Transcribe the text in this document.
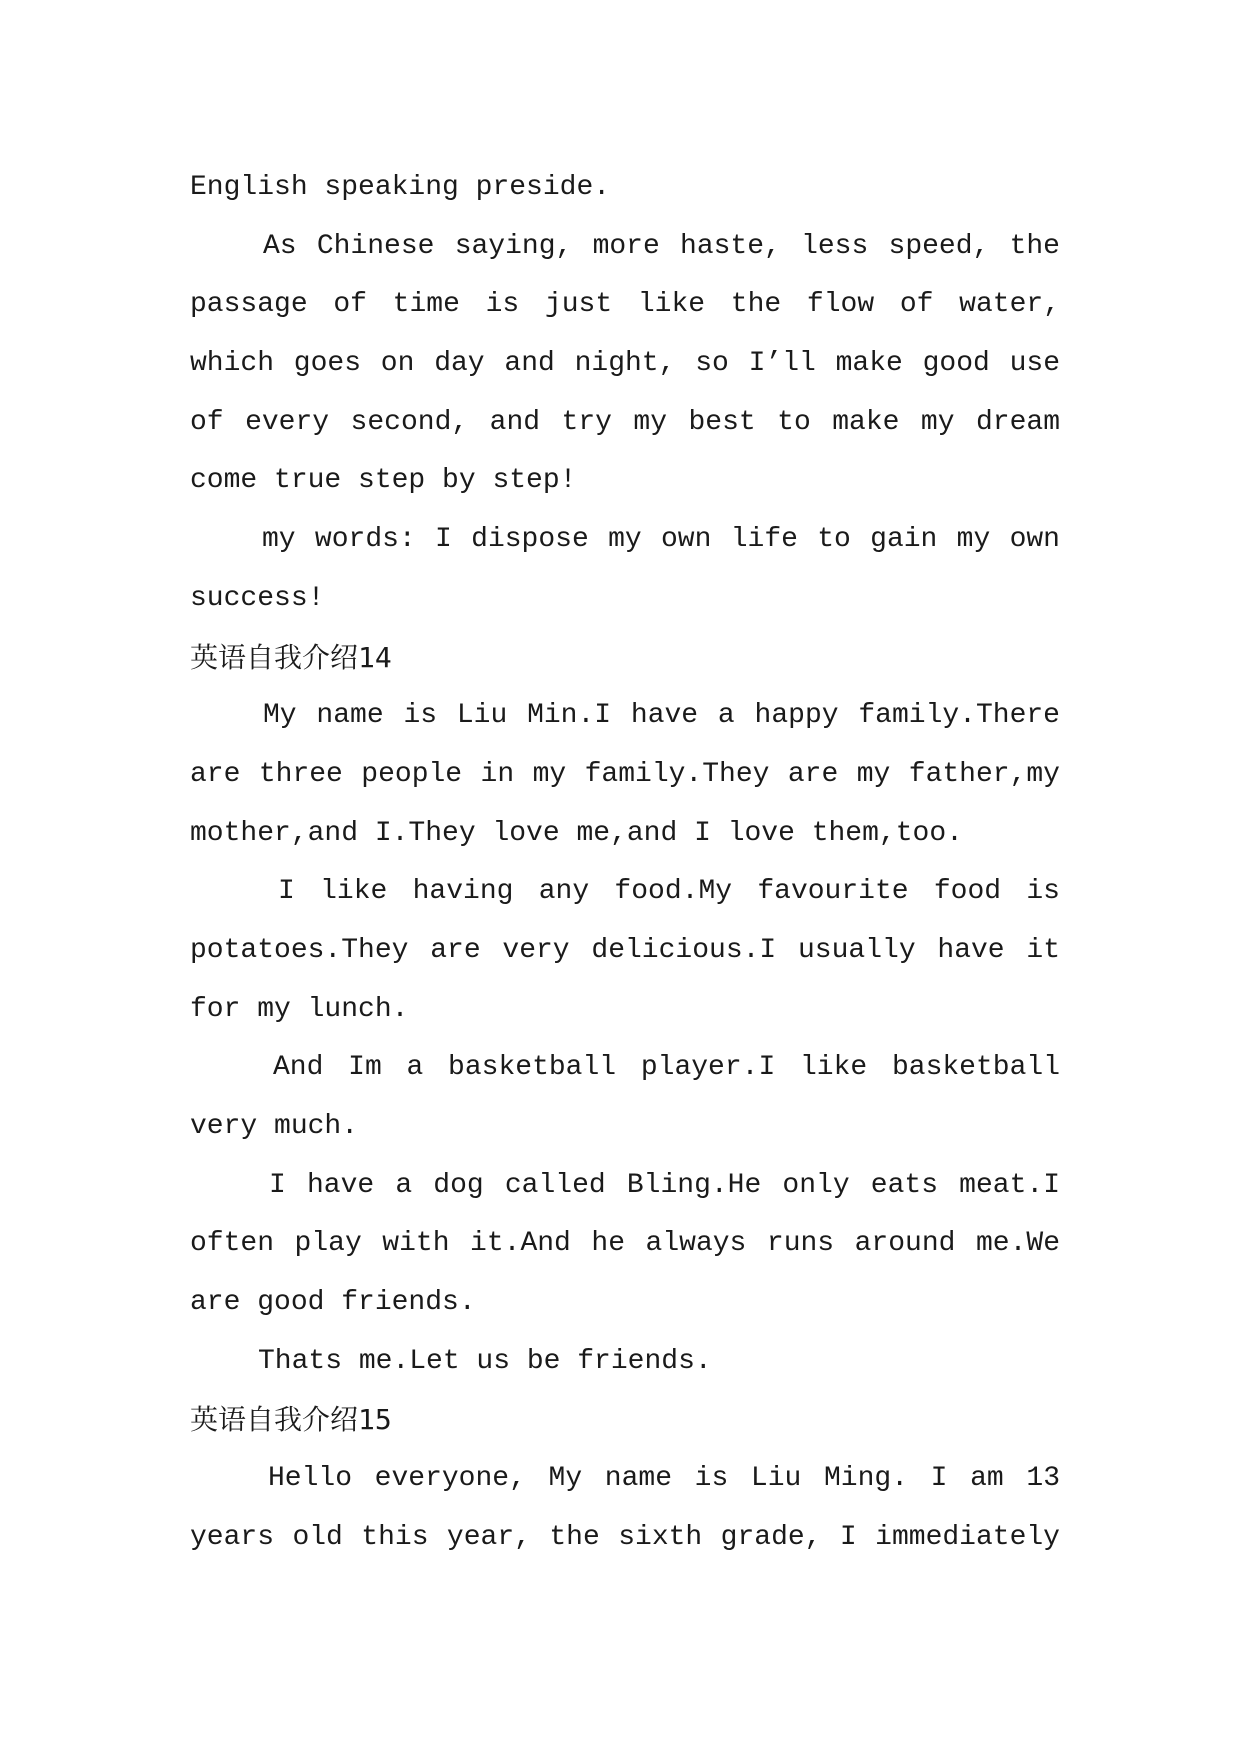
English speaking preside.
As Chinese saying, more haste, less speed, the
passage of time is just like the flow of water,
which goes on day and night, so I’ll make good use
of every second, and try my best to make my dream
come true step by step!
my words: I dispose my own life to gain my own
success!
英语自我介绍14
My name is Liu Min.I have a happy family.There
are three people in my family.They are my father,my
mother,and I.They love me,and I love them,too.
I like having any food.My favourite food is
potatoes.They are very delicious.I usually have it
for my lunch.
And Im a basketball player.I like basketball
very much.
I have a dog called Bling.He only eats meat.I
often play with it.And he always runs around me.We
are good friends.
Thats me.Let us be friends.
英语自我介绍15
Hello everyone, My name is Liu Ming. I am 13
years old this year, the sixth grade, I immediately
